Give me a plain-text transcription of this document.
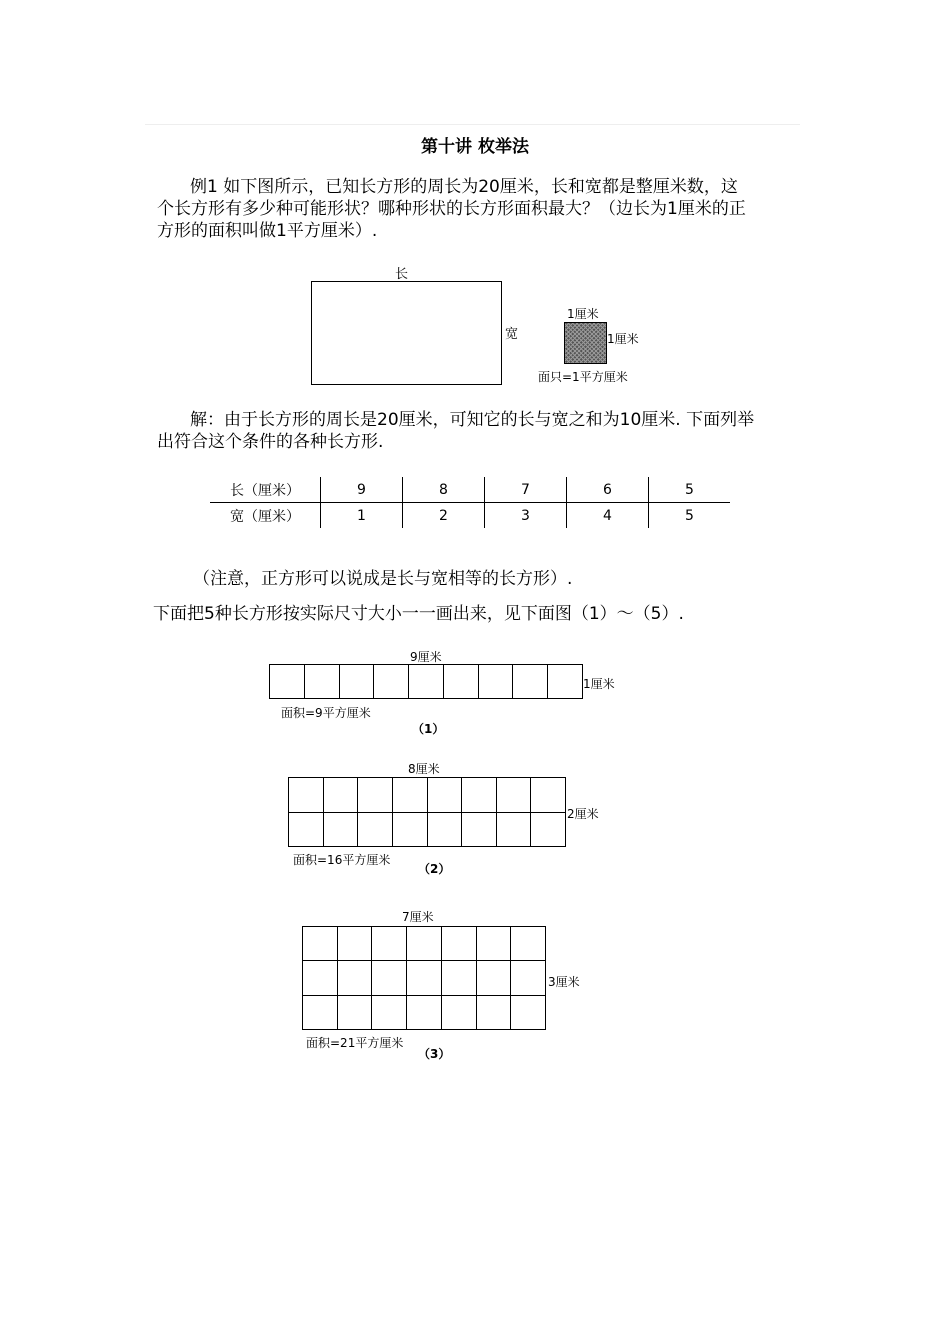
第十讲 枚举法
例1 如下图所示，已知长方形的周长为20厘米，长和宽都是整厘米数，这
个长方形有多少种可能形状？哪种形状的长方形面积最大？（边长为1厘米的正
方形的面积叫做1平方厘米）.
长
宽
1厘米
1厘米
面只=1平方厘米
解：由于长方形的周长是20厘米，可知它的长与宽之和为10厘米. 下面列举
出符合这个条件的各种长方形.
长（厘米）	9	8	7	6	5
宽（厘米）	1	2	3	4	5
（注意，正方形可以说成是长与宽相等的长方形）.
下面把5种长方形按实际尺寸大小一一画出来，见下面图（1）～（5）.
9厘米
1厘米
面积=9平方厘米
（1）
8厘米
2厘米
面积=16平方厘米
（2）
7厘米
3厘米
面积=21平方厘米
（3）
